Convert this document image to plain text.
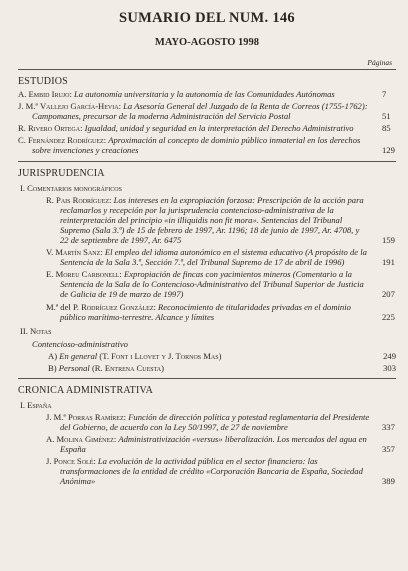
SUMARIO DEL NUM. 146
MAYO-AGOSTO 1998
Páginas
ESTUDIOS
A. Embid Irujo: La autonomía universitaria y la autonomía de las Comunidades Autónomas	7
J. M.ª Vallejo García-Hevia: La Asesoría General del Juzgado de la Renta de Correos (1755-1762): Campomanes, precursor de la moderna Administración del Servicio Postal	51
R. Rivero Ortega: Igualdad, unidad y seguridad en la interpretación del Derecho Administrativo	85
C. Fernández Rodríguez: Aproximación al concepto de dominio público inmaterial en los derechos sobre invenciones y creaciones	129
JURISPRUDENCIA
I. Comentarios monográficos
R. Pais Rodríguez: Los intereses en la expropiación forzosa: Prescripción de la acción para reclamarlos y recepción por la jurisprudencia contencioso-administrativa de la reinterpretación del principio «in illiquidis non fit mora». Sentencias del Tribunal Supremo (Sala 3.ª) de 15 de febrero de 1997, Ar. 1196; 18 de junio de 1997, Ar. 4708, y 22 de septiembre de 1997, Ar. 6475	159
V. Martín Sanz: El empleo del idioma autonómico en el sistema educativo (A propósito de la Sentencia de la Sala 3.ª, Sección 7.ª, del Tribunal Supremo de 17 de abril de 1996)	191
E. Moreu Carbonell: Expropiación de fincas con yacimientos mineros (Comentario a la Sentencia de la Sala de lo Contencioso-Administrativo del Tribunal Superior de Justicia de Galicia de 19 de marzo de 1997)	207
M.ª del P. Rodríguez González: Reconocimiento de titularidades privadas en el dominio público marítimo-terrestre. Alcance y límites	225
II. Notas
Contencioso-administrativo
A) En general (T. Font i Llovet y J. Tornos Mas)	249
B) Personal (R. Entrena Cuesta)	303
CRONICA ADMINISTRATIVA
I. España
J. M.ª Porras Ramírez: Función de dirección política y potestad reglamentaria del Presidente del Gobierno, de acuerdo con la Ley 50/1997, de 27 de noviembre	337
A. Molina Giménez: Administrativización «versus» liberalización. Los mercados del agua en España	357
J. Ponce Solé: La evolución de la actividad pública en el sector financiero: las transformaciones de la entidad de crédito «Corporación Bancaria de España, Sociedad Anónima»	389
